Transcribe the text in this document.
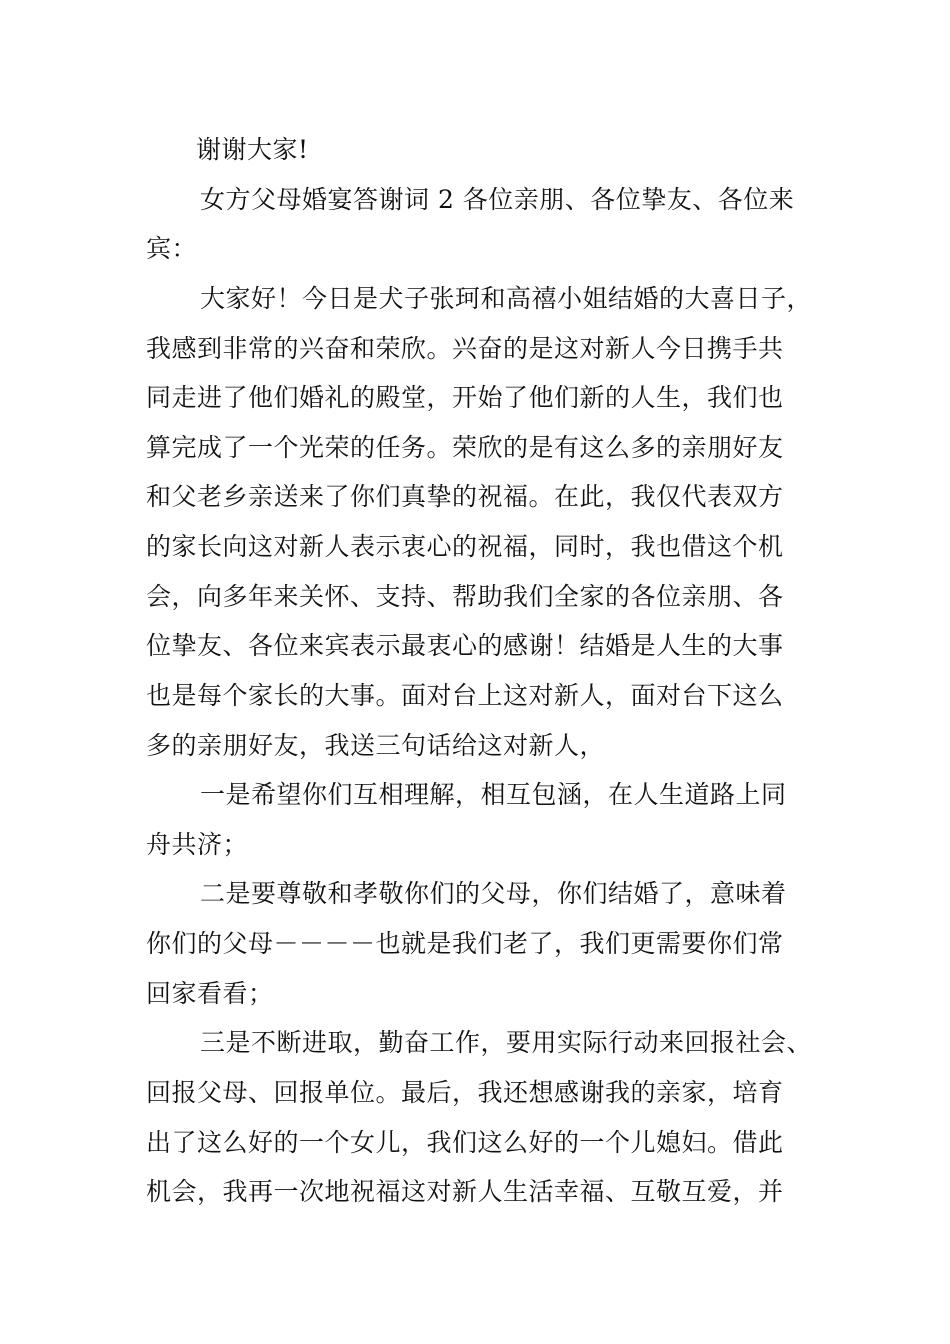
谢谢大家!
女方父母婚宴答谢词 2 各位亲朋、各位挚友、各位来
宾：
大家好！今日是犬子张珂和高禧小姐结婚的大喜日子，
我感到非常的兴奋和荣欣。兴奋的是这对新人今日携手共
同走进了他们婚礼的殿堂，开始了他们新的人生，我们也
算完成了一个光荣的任务。荣欣的是有这么多的亲朋好友
和父老乡亲送来了你们真挚的祝福。在此，我仅代表双方
的家长向这对新人表示衷心的祝福，同时，我也借这个机
会，向多年来关怀、支持、帮助我们全家的各位亲朋、各
位挚友、各位来宾表示最衷心的感谢！结婚是人生的大事
也是每个家长的大事。面对台上这对新人，面对台下这么
多的亲朋好友，我送三句话给这对新人，
一是希望你们互相理解，相互包涵，在人生道路上同
舟共济；
二是要尊敬和孝敬你们的父母，你们结婚了，意味着
你们的父母－－－－也就是我们老了，我们更需要你们常
回家看看；
三是不断进取，勤奋工作，要用实际行动来回报社会、
回报父母、回报单位。最后，我还想感谢我的亲家，培育
出了这么好的一个女儿，我们这么好的一个儿媳妇。借此
机会，我再一次地祝福这对新人生活幸福、互敬互爱，并
